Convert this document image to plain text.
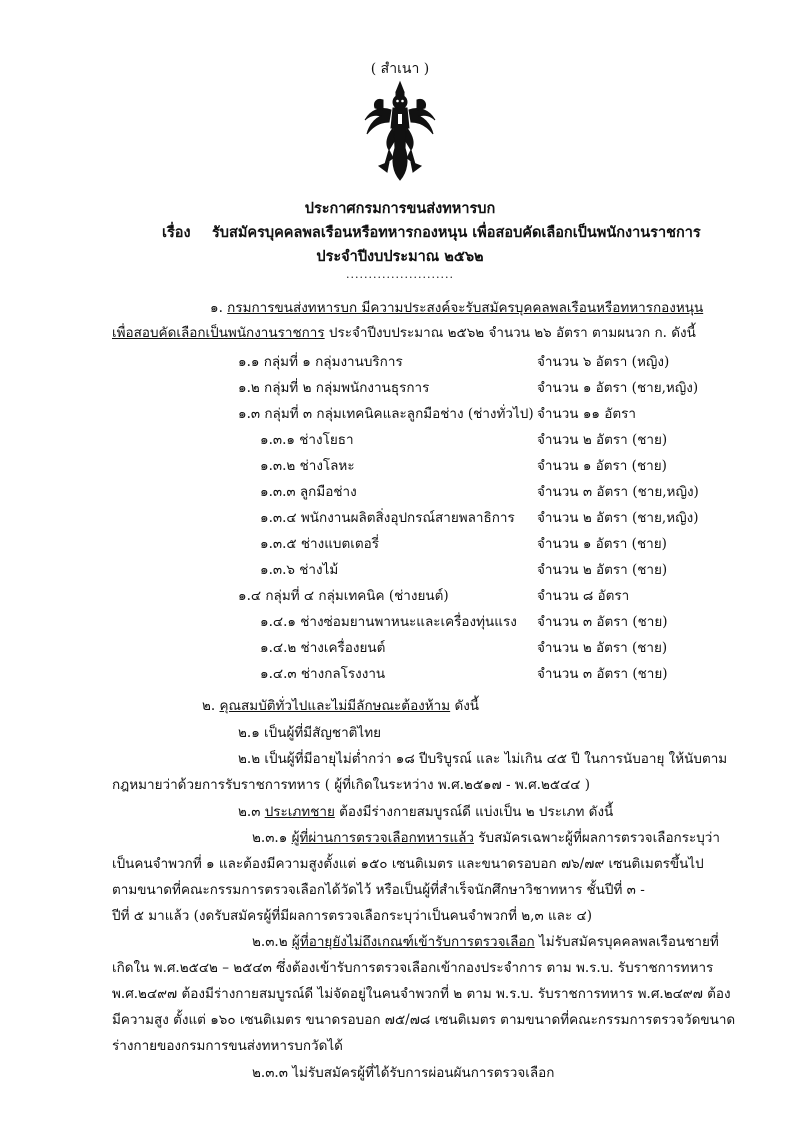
( สำเนา )
ประกาศกรมการขนส่งทหารบก
เรื่อง รับสมัครบุคคลพลเรือนหรือทหารกองหนุน เพื่อสอบคัดเลือกเป็นพนักงานราชการ
ประจำปีงบประมาณ ๒๕๖๒
........................
๑. กรมการขนส่งทหารบก มีความประสงค์จะรับสมัครบุคคลพลเรือนหรือทหารกองหนุน
เพื่อสอบคัดเลือกเป็นพนักงานราชการ ประจำปีงบประมาณ ๒๕๖๒ จำนวน ๒๖ อัตรา ตามผนวก ก. ดังนี้
๑.๑ กลุ่มที่ ๑ กลุ่มงานบริการ	จำนวน ๖ อัตรา (หญิง)
๑.๒ กลุ่มที่ ๒ กลุ่มพนักงานธุรการ	จำนวน ๑ อัตรา (ชาย,หญิง)
๑.๓ กลุ่มที่ ๓ กลุ่มเทคนิคและลูกมือช่าง (ช่างทั่วไป) จำนวน ๑๑ อัตรา
๑.๓.๑ ช่างโยธา	จำนวน ๒ อัตรา (ชาย)
๑.๓.๒ ช่างโลหะ	จำนวน ๑ อัตรา (ชาย)
๑.๓.๓ ลูกมือช่าง	จำนวน ๓ อัตรา (ชาย,หญิง)
๑.๓.๔ พนักงานผลิตสิ่งอุปกรณ์สายพลาธิการ จำนวน ๒ อัตรา (ชาย,หญิง)
๑.๓.๕ ช่างแบตเตอรี่	จำนวน ๑ อัตรา (ชาย)
๑.๓.๖ ช่างไม้	จำนวน ๒ อัตรา (ชาย)
๑.๔ กลุ่มที่ ๔ กลุ่มเทคนิค (ช่างยนต์)	จำนวน ๘ อัตรา
๑.๔.๑ ช่างซ่อมยานพาหนะและเครื่องทุ่นแรง จำนวน ๓ อัตรา (ชาย)
๑.๔.๒ ช่างเครื่องยนต์	จำนวน ๒ อัตรา (ชาย)
๑.๔.๓ ช่างกลโรงงาน	จำนวน ๓ อัตรา (ชาย)
๒. คุณสมบัติทั่วไปและไม่มีลักษณะต้องห้าม ดังนี้
๒.๑ เป็นผู้ที่มีสัญชาติไทย
๒.๒ เป็นผู้ที่มีอายุไม่ต่ำกว่า ๑๘ ปีบริบูรณ์ และ ไม่เกิน ๔๕ ปี ในการนับอายุ ให้นับตาม
กฎหมายว่าด้วยการรับราชการทหาร ( ผู้ที่เกิดในระหว่าง พ.ศ.๒๕๑๗ - พ.ศ.๒๕๔๔ )
๒.๓ ประเภทชาย ต้องมีร่างกายสมบูรณ์ดี แบ่งเป็น ๒ ประเภท ดังนี้
๒.๓.๑ ผู้ที่ผ่านการตรวจเลือกทหารแล้ว รับสมัครเฉพาะผู้ที่ผลการตรวจเลือกระบุว่า
เป็นคนจำพวกที่ ๑ และต้องมีความสูงตั้งแต่ ๑๕๐ เซนติเมตร และขนาดรอบอก ๗๖/๗๙ เซนติเมตรขึ้นไป
ตามขนาดที่คณะกรรมการตรวจเลือกได้วัดไว้ หรือเป็นผู้ที่สำเร็จนักศึกษาวิชาทหาร ชั้นปีที่ ๓ -
ปีที่ ๕ มาแล้ว (งดรับสมัครผู้ที่มีผลการตรวจเลือกระบุว่าเป็นคนจำพวกที่ ๒,๓ และ ๔)
๒.๓.๒ ผู้ที่อายุยังไม่ถึงเกณฑ์เข้ารับการตรวจเลือก ไม่รับสมัครบุคคลพลเรือนชายที่
เกิดใน พ.ศ.๒๕๔๒ – ๒๕๔๓ ซึ่งต้องเข้ารับการตรวจเลือกเข้ากองประจำการ ตาม พ.ร.บ. รับราชการทหาร
พ.ศ.๒๔๙๗ ต้องมีร่างกายสมบูรณ์ดี ไม่จัดอยู่ในคนจำพวกที่ ๒ ตาม พ.ร.บ. รับราชการทหาร พ.ศ.๒๔๙๗ ต้อง
มีความสูง ตั้งแต่ ๑๖๐ เซนติเมตร ขนาดรอบอก ๗๕/๗๘ เซนติเมตร ตามขนาดที่คณะกรรมการตรวจวัดขนาด
ร่างกายของกรมการขนส่งทหารบกวัดได้
๒.๓.๓ ไม่รับสมัครผู้ที่ได้รับการผ่อนผันการตรวจเลือก
